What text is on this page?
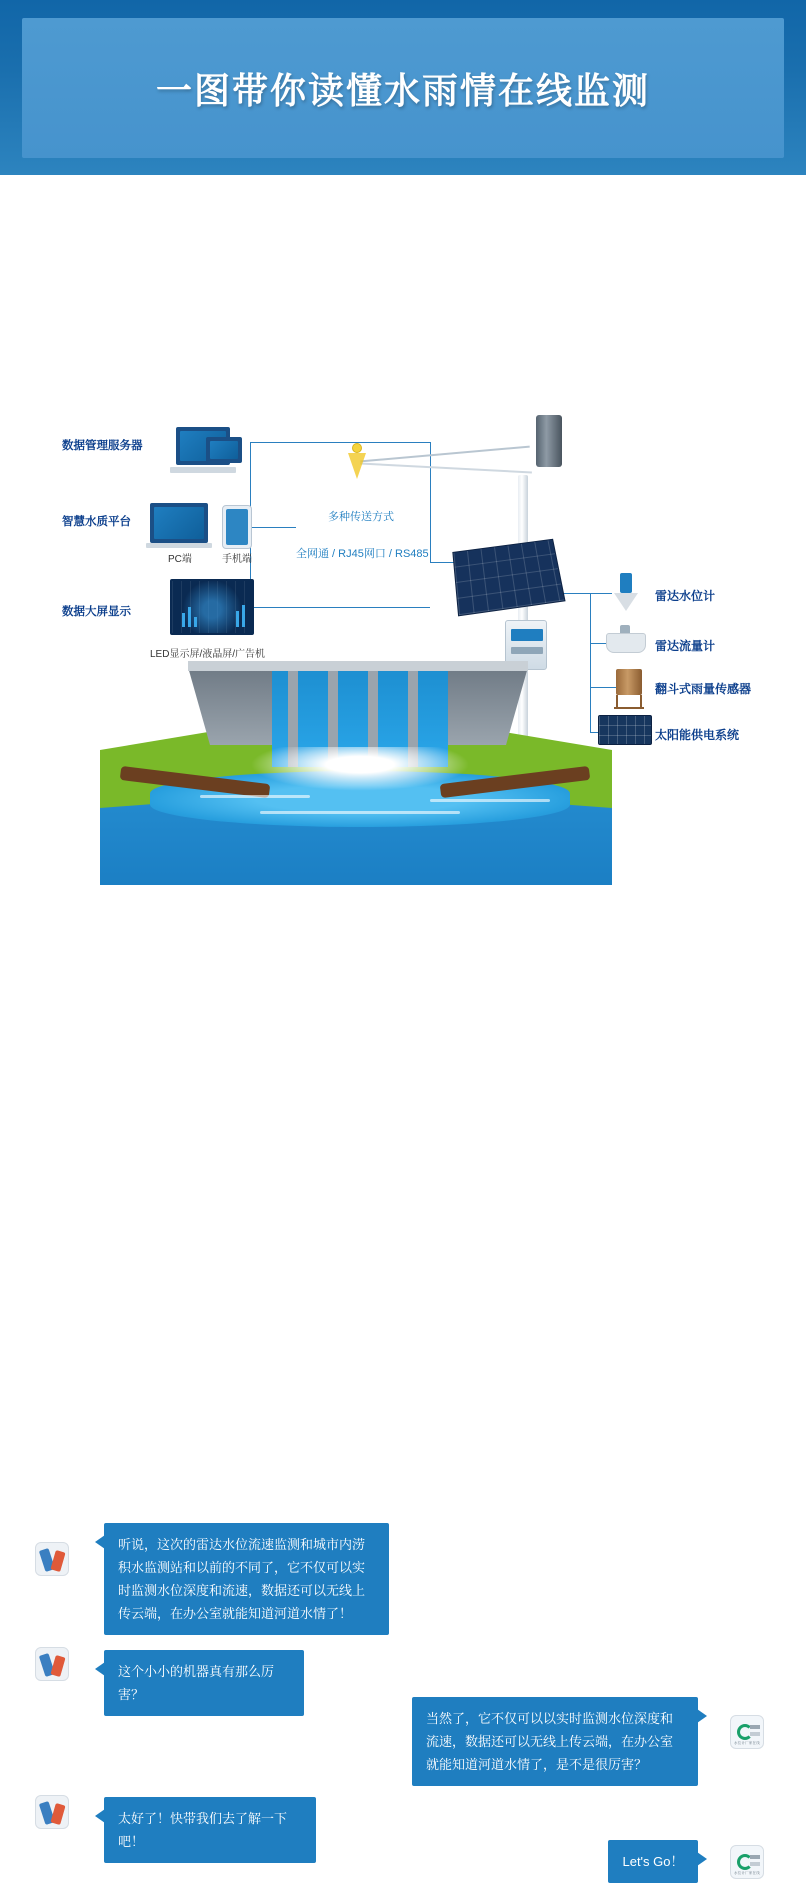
一图带你读懂水雨情在线监测
数据管理服务器
智慧水质平台
数据大屏显示
PC端	手机端
LED显示屏/液晶屏/广告机
多种传送方式
全网通 / RJ45网口 / RS485
雷达水位计
雷达流量计
翻斗式雨量传感器
太阳能供电系统
听说，这次的雷达水位流速监测和城市内涝积水监测站和以前的不同了，它不仅可以实时监测水位深度和流速，数据还可以无线上传云端，在办公室就能知道河道水情了！
这个小小的机器真有那么厉害？
当然了，它不仅可以以实时监测水位深度和流速，数据还可以无线上传云端，在办公室就能知道河道水情了，是不是很厉害？
水位计厂家在线
太好了！快带我们去了解一下吧！
Let's Go！
水位计厂家在线
